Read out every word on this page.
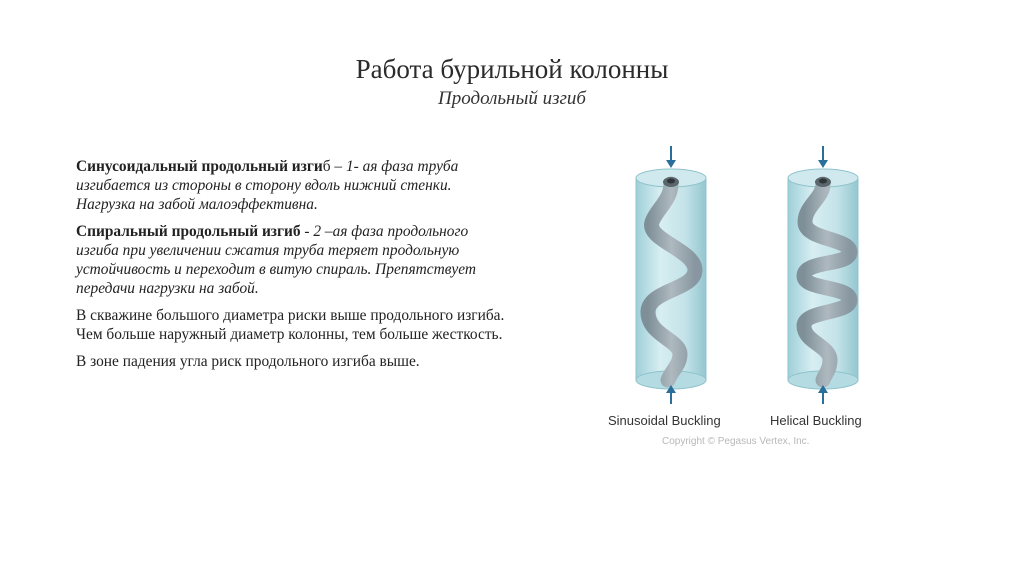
Работа бурильной колонны
Продольный изгиб

Синусоидальный продольный изгиб – 1- ая фаза труба изгибается из стороны в сторону вдоль нижний стенки. Нагрузка на забой малоэффективна.

Спиральный продольный изгиб - 2 –ая фаза продольного изгиба при увеличении сжатия труба теряет продольную устойчивость и переходит в витую спираль. Препятствует передачи нагрузки на забой.

В скважине большого диаметра риски выше продольного изгиба. Чем больше наружный диаметр колонны, тем больше жесткость.

В зоне падения угла риск продольного изгиба выше.

Sinusoidal Buckling	Helical Buckling
Copyright © Pegasus Vertex, Inc.
